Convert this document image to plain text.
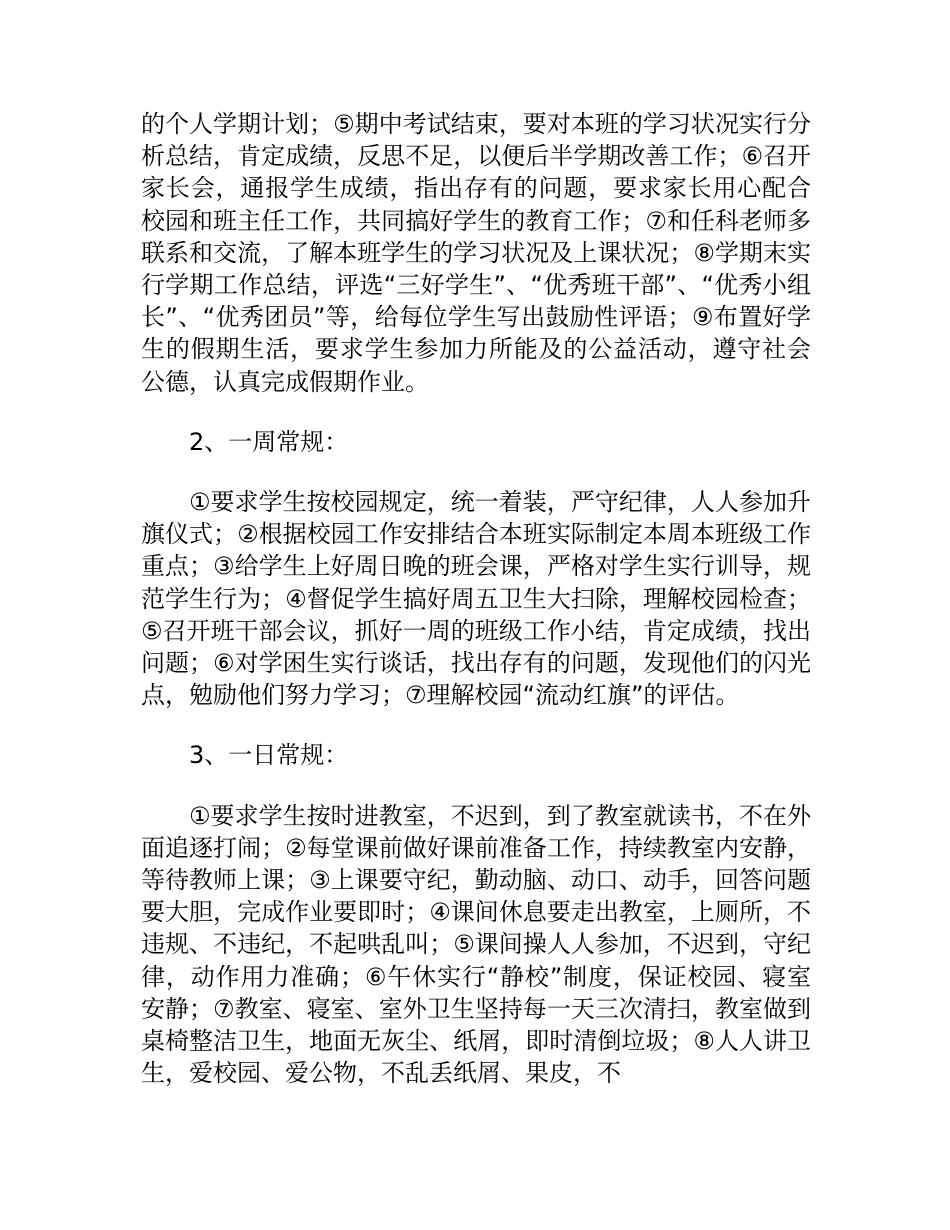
的个人学期计划；⑤期中考试结束，要对本班的学习状况实行分析总结，肯定成绩，反思不足，以便后半学期改善工作；⑥召开家长会，通报学生成绩，指出存有的问题，要求家长用心配合校园和班主任工作，共同搞好学生的教育工作；⑦和任科老师多联系和交流，了解本班学生的学习状况及上课状况；⑧学期末实行学期工作总结，评选“三好学生”、“优秀班干部”、“优秀小组长”、“优秀团员”等，给每位学生写出鼓励性评语；⑨布置好学生的假期生活，要求学生参加力所能及的公益活动，遵守社会公德，认真完成假期作业。

2、一周常规：

①要求学生按校园规定，统一着装，严守纪律，人人参加升旗仪式；②根据校园工作安排结合本班实际制定本周本班级工作重点；③给学生上好周日晚的班会课，严格对学生实行训导，规范学生行为；④督促学生搞好周五卫生大扫除，理解校园检查；⑤召开班干部会议，抓好一周的班级工作小结，肯定成绩，找出问题；⑥对学困生实行谈话，找出存有的问题，发现他们的闪光点，勉励他们努力学习；⑦理解校园“流动红旗”的评估。

3、一日常规：

①要求学生按时进教室，不迟到，到了教室就读书，不在外面追逐打闹；②每堂课前做好课前准备工作，持续教室内安静，等待教师上课；③上课要守纪，勤动脑、动口、动手，回答问题要大胆，完成作业要即时；④课间休息要走出教室，上厕所，不违规、不违纪，不起哄乱叫；⑤课间操人人参加，不迟到，守纪律，动作用力准确；⑥午休实行“静校”制度，保证校园、寝室安静；⑦教室、寝室、室外卫生坚持每一天三次清扫，教室做到桌椅整洁卫生，地面无灰尘、纸屑，即时清倒垃圾；⑧人人讲卫生，爱校园、爱公物，不乱丢纸屑、果皮，不
